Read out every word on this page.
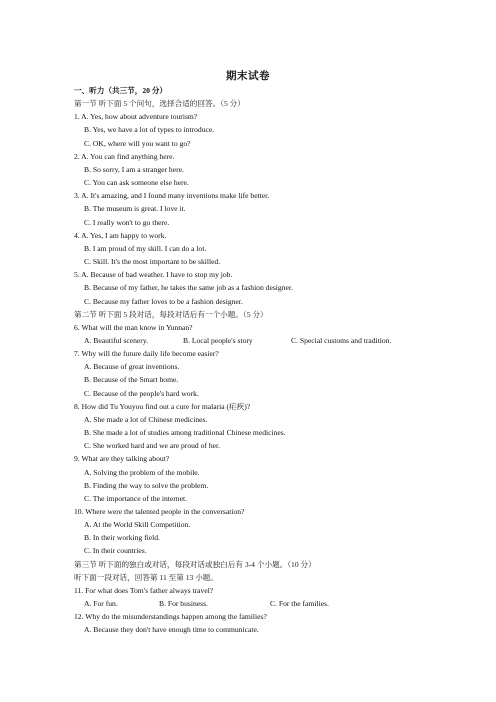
期末试卷
一、听力（共三节，20 分）
第一节 听下面 5 个问句，选择合适的回答。（5 分）
1. A. Yes, how about adventure tourism?
B. Yes, we have a lot of types to introduce.
C. OK, where will you want to go?
2. A. You can find anything here.
B. So sorry, I am a stranger here.
C. You can ask someone else here.
3. A. It's amazing, and I found many inventions make life better.
B. The museum is great. I love it.
C. I really won't to go there.
4. A. Yes, I am happy to work.
B. I am proud of my skill. I can do a lot.
C. Skill. It's the most important to be skilled.
5. A. Because of bad weather. I have to stop my job.
B. Because of my father, he takes the same job as a fashion designer.
C. Because my father loves to be a fashion designer.
第二节 听下面 5 段对话，每段对话后有一个小题。（5 分）
6. What will the man know in Yunnan?
A. Beautiful scenery.	B. Local people's story	C. Special customs and tradition.
7. Why will the future daily life become easier?
A. Because of great inventions.
B. Because of the Smart home.
C. Because of the people's hard work.
8. How did Tu Youyou find out a cure for malaria (疟疾)?
A. She made a lot of Chinese medicines.
B. She made a lot of studies among traditional Chinese medicines.
C. She worked hard and we are proud of her.
9. What are they talking about?
A. Solving the problem of the mobile.
B. Finding the way to solve the problem.
C. The importance of the internet.
10. Where were the talented people in the conversation?
A. At the World Skill Competition.
B. In their working field.
C. In their countries.
第三节 听下面的独白或对话，每段对话或独白后有 3-4 个小题。（10 分）
听下面一段对话，回答第 11 至第 13 小题。
11. For what does Tom's father always travel?
A. For fun.	B. For business.	C. For the families.
12. Why do the misunderstandings happen among the families?
A. Because they don't have enough time to communicate.
